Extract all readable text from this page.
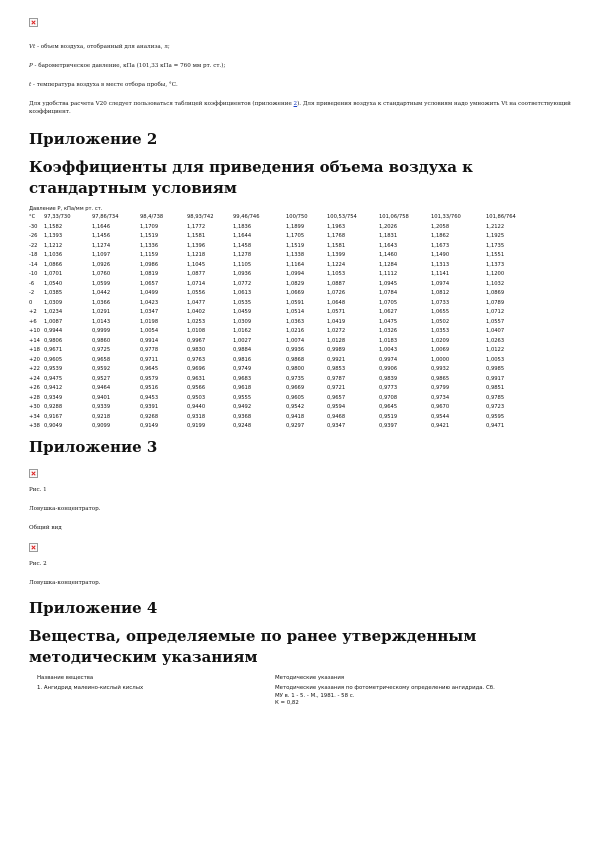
Vt - объем воздуха, отобранный для анализа, л;

P - барометрическое давление, кПа (101,33 кПа = 760 мм рт. ст.);

t - температура воздуха в месте отбора пробы, °С.

Для удобства расчета V20 следует пользоваться таблицей коэффициентов (приложение 2). Для приведения воздуха к стандартным условиям надо умножить Vt на соответствующий коэффициент.

Приложение 2
Коэффициенты для приведения объема воздуха к стандартным условиям
Давление Р, кПа/мм рт. ст.
°С	97,33/730	97,86/734	98,4/738	98,93/742	99,46/746	100/750	100,53/754	101,06/758	101,33/760	101,86/764
-30	1,1582	1,1646	1,1709	1,1772	1,1836	1,1899	1,1963	1,2026	1,2058	1,2122
-26	1,1393	1,1456	1,1519	1,1581	1,1644	1,1705	1,1768	1,1831	1,1862	1,1925
-22	1,1212	1,1274	1,1336	1,1396	1,1458	1,1519	1,1581	1,1643	1,1673	1,1735
-18	1,1036	1,1097	1,1159	1,1218	1,1278	1,1338	1,1399	1,1460	1,1490	1,1551
-14	1,0866	1,0926	1,0986	1,1045	1,1105	1,1164	1,1224	1,1284	1,1313	1,1373
-10	1,0701	1,0760	1,0819	1,0877	1,0936	1,0994	1,1053	1,1112	1,1141	1,1200
-6	1,0540	1,0599	1,0657	1,0714	1,0772	1,0829	1,0887	1,0945	1,0974	1,1032
-2	1,0385	1,0442	1,0499	1,0556	1,0613	1,0669	1,0726	1,0784	1,0812	1,0869
0	1,0309	1,0366	1,0423	1,0477	1,0535	1,0591	1,0648	1,0705	1,0733	1,0789
+2	1,0234	1,0291	1,0347	1,0402	1,0459	1,0514	1,0571	1,0627	1,0655	1,0712
+6	1,0087	1,0143	1,0198	1,0253	1,0309	1,0363	1,0419	1,0475	1,0502	1,0557
+10	0,9944	0,9999	1,0054	1,0108	1,0162	1,0216	1,0272	1,0326	1,0353	1,0407
+14	0,9806	0,9860	0,9914	0,9967	1,0027	1,0074	1,0128	1,0183	1,0209	1,0263
+18	0,9671	0,9725	0,9778	0,9830	0,9884	0,9936	0,9989	1,0043	1,0069	1,0122
+20	0,9605	0,9658	0,9711	0,9763	0,9816	0,9868	0,9921	0,9974	1,0000	1,0053
+22	0,9539	0,9592	0,9645	0,9696	0,9749	0,9800	0,9853	0,9906	0,9932	0,9985
+24	0,9475	0,9527	0,9579	0,9631	0,9683	0,9735	0,9787	0,9839	0,9865	0,9917
+26	0,9412	0,9464	0,9516	0,9566	0,9618	0,9669	0,9721	0,9773	0,9799	0,9851
+28	0,9349	0,9401	0,9453	0,9503	0,9555	0,9605	0,9657	0,9708	0,9734	0,9785
+30	0,9288	0,9339	0,9391	0,9440	0,9492	0,9542	0,9594	0,9645	0,9670	0,9723
+34	0,9167	0,9218	0,9268	0,9318	0,9368	0,9418	0,9468	0,9519	0,9544	0,9595
+38	0,9049	0,9099	0,9149	0,9199	0,9248	0,9297	0,9347	0,9397	0,9421	0,9471
Приложение 3

Рис. 1

Ловушка-концентратор.

Общий вид

Рис. 2

Ловушка-концентратор.

Приложение 4
Вещества, определяемые по ранее утвержденным методическим указаниям
Название вещества	Методические указания
1. Ангидрид малеино-кислый кислых	Методические указания по фотометрическому определению ангидрида. Сб.
МУ в. 1 - 5. - М., 1981. - 58 с.
К = 0,82
